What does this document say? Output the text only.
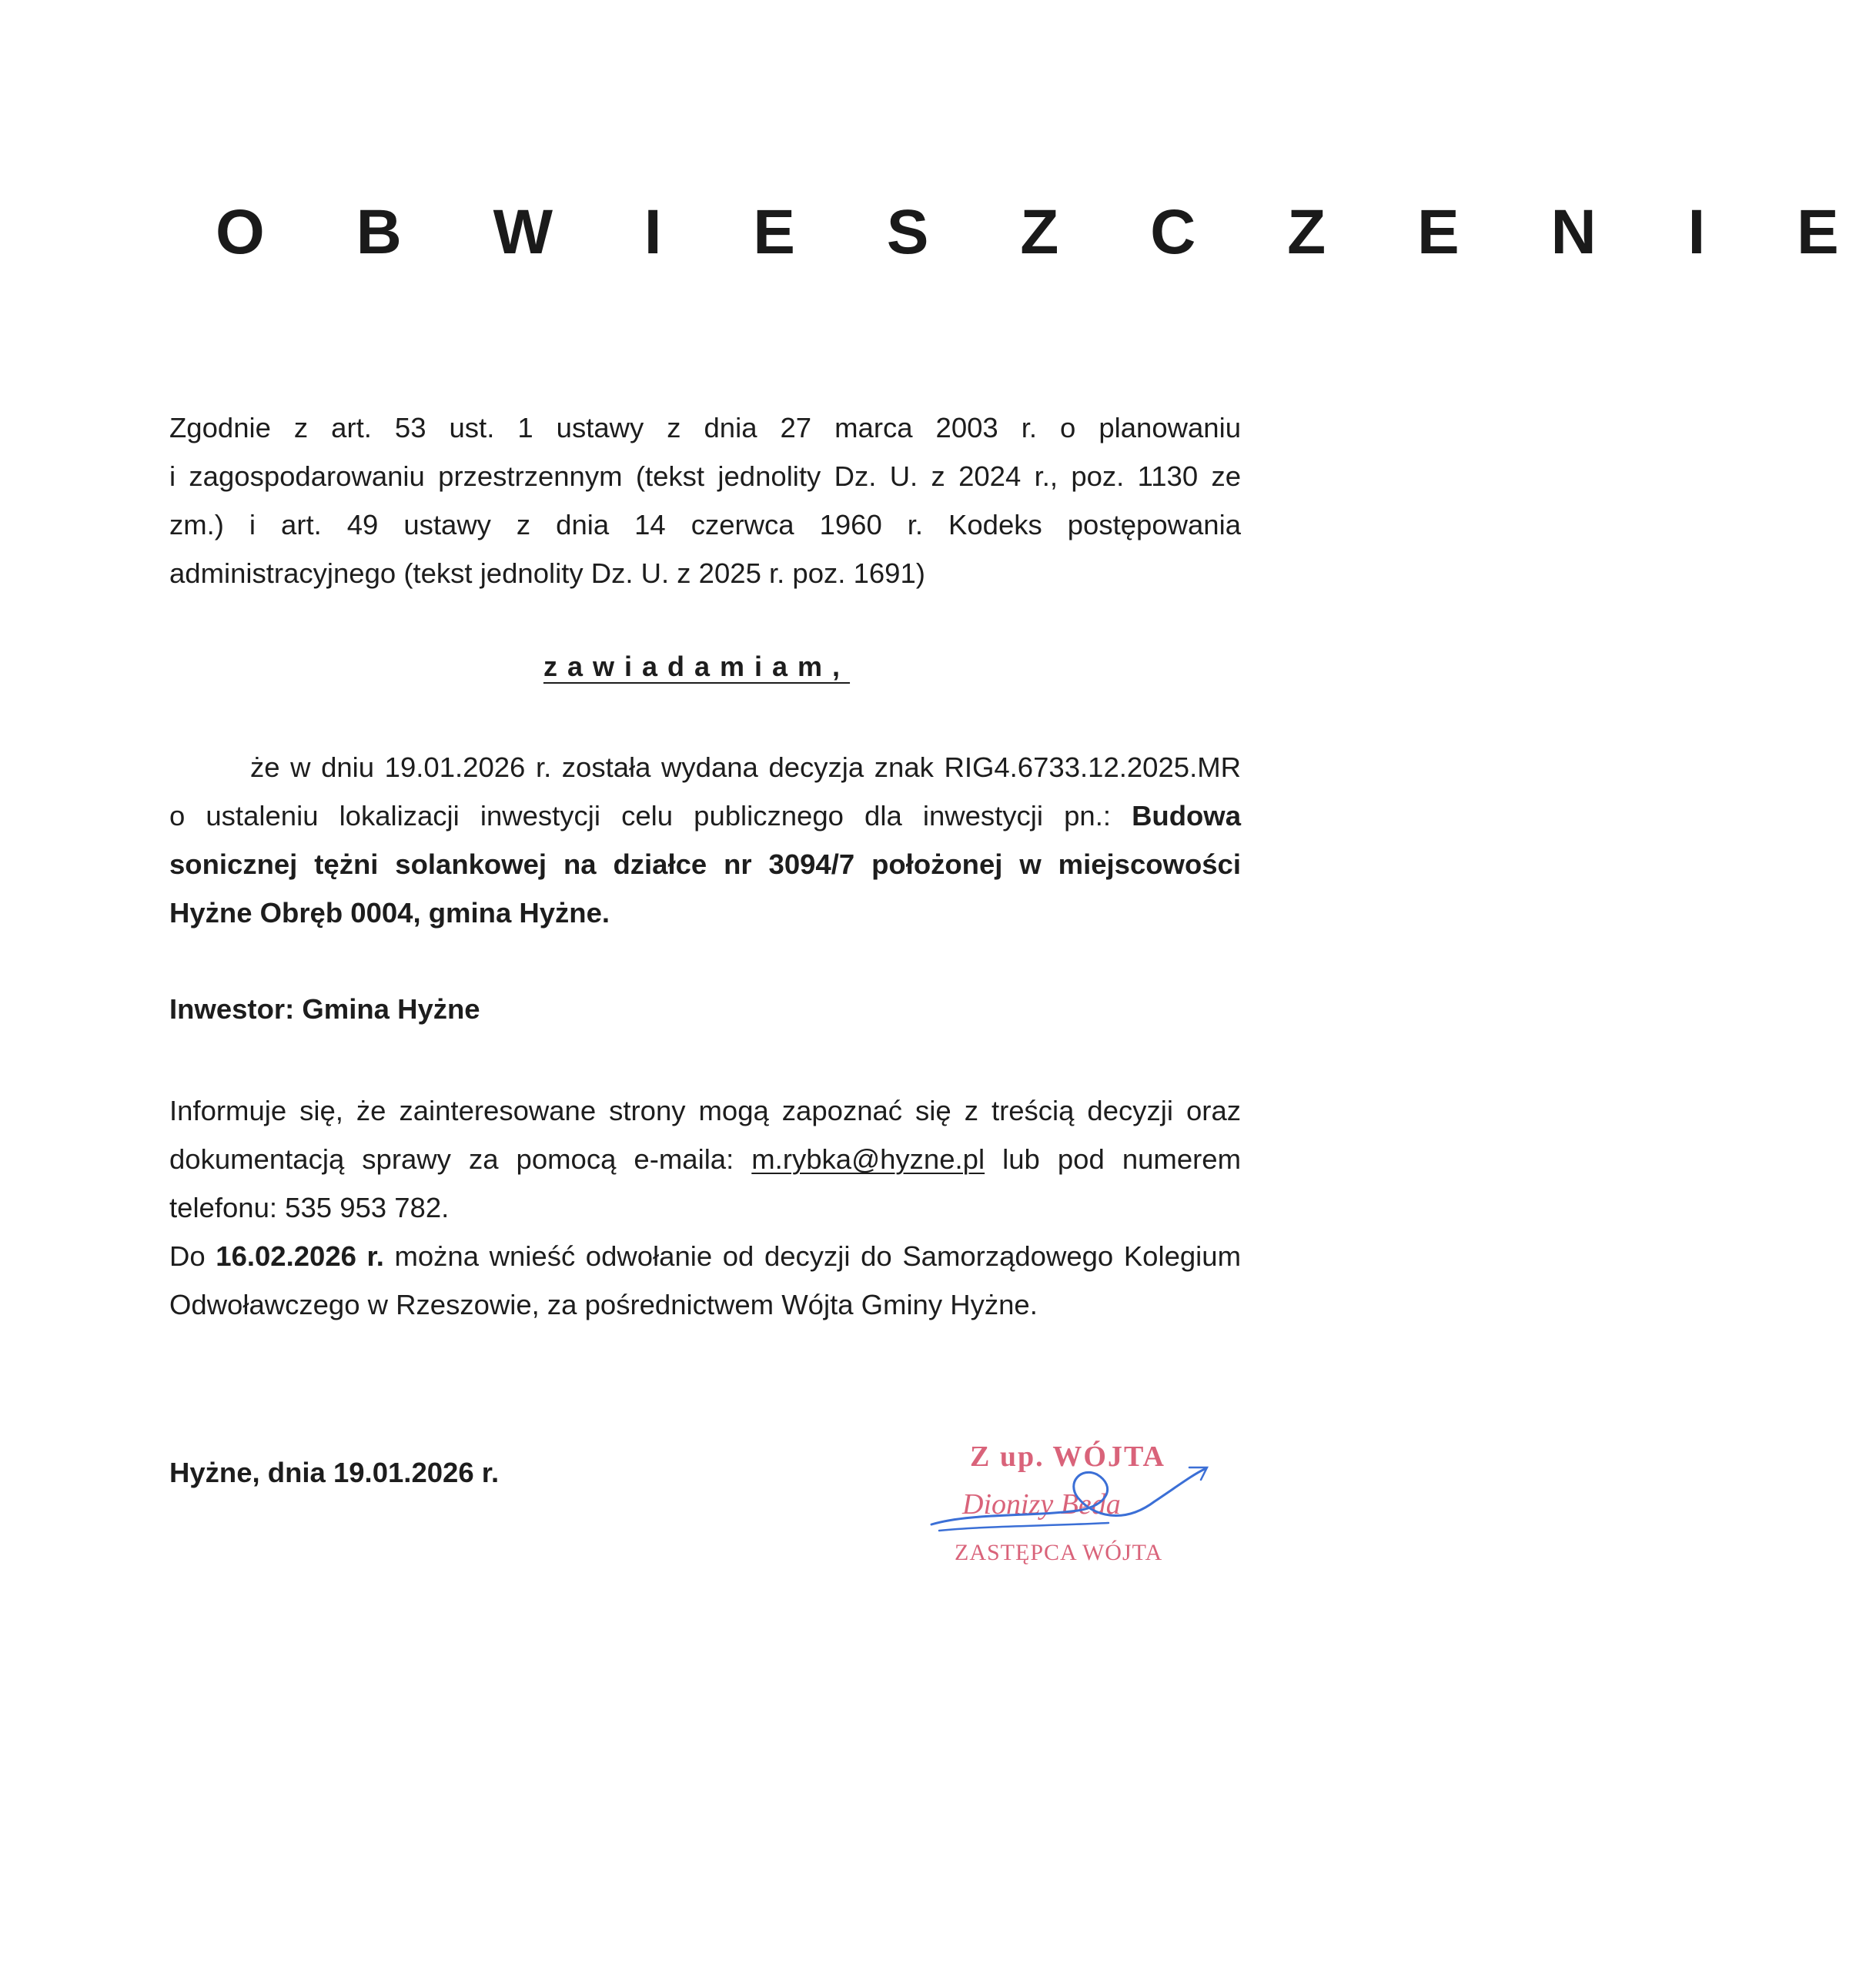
O B W I E S Z C Z E N I E
Zgodnie z art. 53 ust. 1 ustawy z dnia 27 marca 2003 r. o planowaniu
i zagospodarowaniu przestrzennym (tekst jednolity Dz. U. z 2024 r., poz. 1130 ze
zm.) i art. 49 ustawy z dnia 14 czerwca 1960 r. Kodeks postępowania
administracyjnego (tekst jednolity Dz. U. z 2025 r. poz. 1691)
zawiadamiam,
że w dniu 19.01.2026 r. została wydana decyzja znak RIG4.6733.12.2025.MR
o ustaleniu lokalizacji inwestycji celu publicznego dla inwestycji pn.: Budowa
sonicznej tężni solankowej na działce nr 3094/7 położonej w miejscowości
Hyżne Obręb 0004, gmina Hyżne.
Inwestor: Gmina Hyżne
Informuje się, że zainteresowane strony mogą zapoznać się z treścią decyzji oraz
dokumentacją sprawy za pomocą e-maila: m.rybka@hyzne.pl lub pod numerem
telefonu: 535 953 782.
Do 16.02.2026 r. można wnieść odwołanie od decyzji do Samorządowego Kolegium
Odwoławczego w Rzeszowie, za pośrednictwem Wójta Gminy Hyżne.
Hyżne, dnia 19.01.2026 r.	Z up. WÓJTA
Dionizy Beda
ZASTĘPCA WÓJTA
